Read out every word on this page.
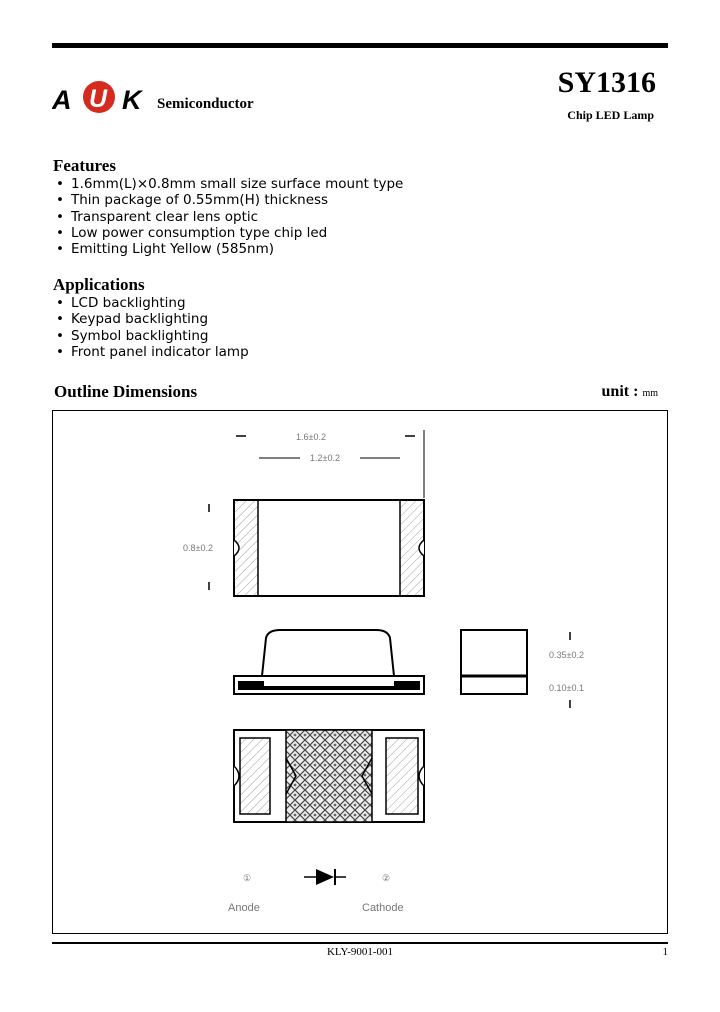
A U K Semiconductor
SY1316
Chip LED Lamp
Features
• 1.6mm(L)×0.8mm small size surface mount type
• Thin package of 0.55mm(H) thickness
• Transparent clear lens optic
• Low power consumption type chip led
• Emitting Light Yellow (585nm)
Applications
• LCD backlighting
• Keypad backlighting
• Symbol backlighting
• Front panel indicator lamp
Outline Dimensions	unit : mm
1.6±0.2
1.2±0.2
0.8±0.2
0.35±0.2
0.10±0.1
①	②
Anode	Cathode
KLY-9001-001	1
